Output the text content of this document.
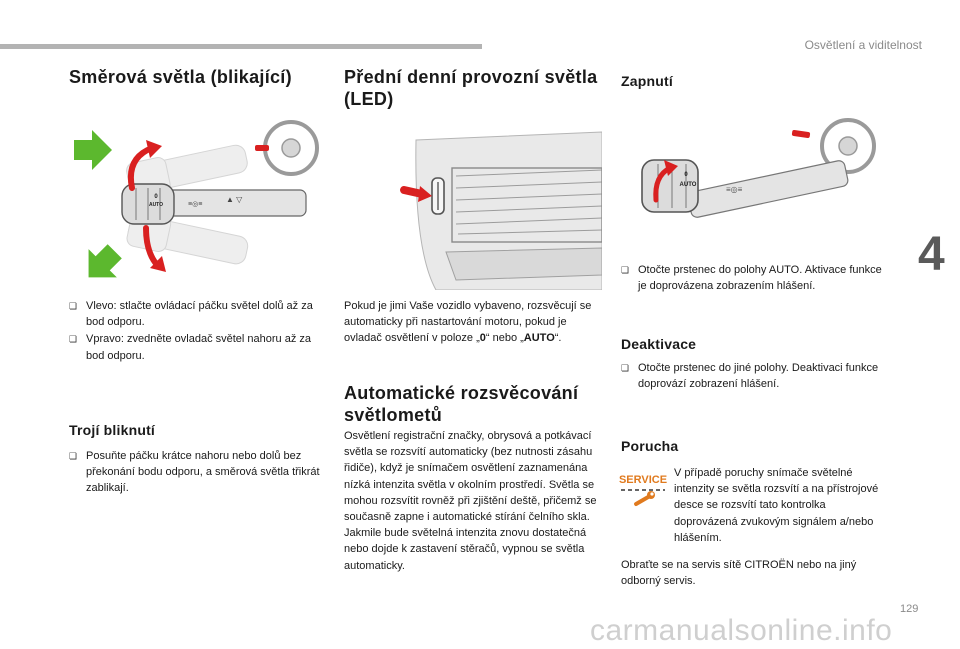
Osvětlení a viditelnost
4
Směrová světla (blikající)
0
AUTO	≡◎≡
▲ ▽
❏ Vlevo: stlačte ovládací páčku světel dolů až za bod odporu.
❏ Vpravo: zvedněte ovladač světel nahoru až za bod odporu.
Trojí bliknutí
❏ Posuňte páčku krátce nahoru nebo dolů bez překonání bodu odporu, a směrová světla třikrát zablikají.
Přední denní provozní světla (LED)
Pokud je jimi Vaše vozidlo vybaveno, rozsvěcují se automaticky při nastartování motoru, pokud je ovladač osvětlení v poloze „0“ nebo „AUTO“.
Automatické rozsvěcování světlometů
Osvětlení registrační značky, obrysová a potkávací světla se rozsvítí automaticky (bez nutnosti zásahu řidiče), když je snímačem osvětlení zaznamenána nízká intenzita světla v okolním prostředí. Světla se mohou rozsvítit rovněž při zjištění deště, přičemž se současně zapne i automatické stírání čelního skla. Jakmile bude světelná intenzita znovu dostatečná nebo dojde k zastavení stěračů, vypnou se světla automaticky.
Zapnutí
0
AUTO	≡◎≡
❏ Otočte prstenec do polohy AUTO. Aktivace funkce je doprovázena zobrazením hlášení.
Deaktivace
❏ Otočte prstenec do jiné polohy. Deaktivaci funkce doprovází zobrazení hlášení.
Porucha
SERVICE
V případě poruchy snímače světelné intenzity se světla rozsvítí a na přístrojové desce se rozsvítí tato kontrolka doprovázená zvukovým signálem a/nebo hlášením.
Obraťte se na servis sítě CITROËN nebo na jiný odborný servis.
129
carmanualsonline.info
